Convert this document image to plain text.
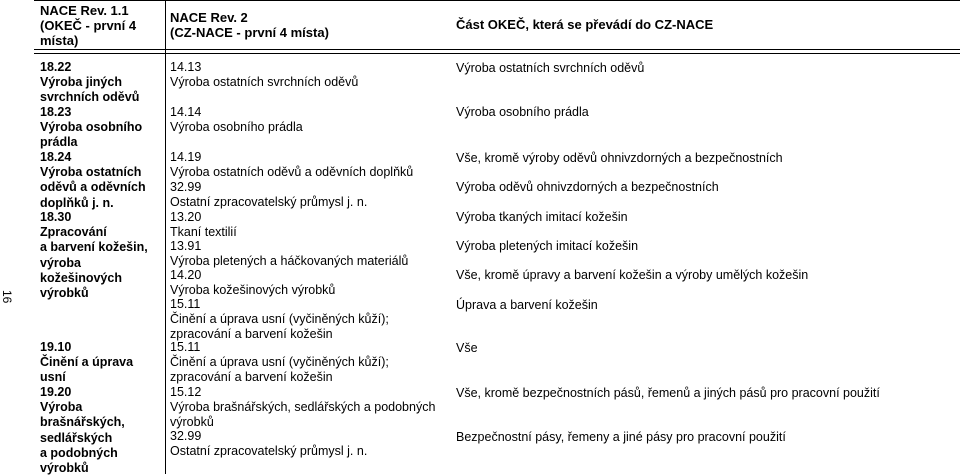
16
NACE Rev. 1.1
(OKEČ - první 4
místa)
NACE Rev. 2
(CZ-NACE - první 4 místa)
Část OKEČ, která se převádí do CZ-NACE
18.22
Výroba jiných
svrchních oděvů
18.23
Výroba osobního
prádla
18.24
Výroba ostatních
oděvů a oděvních
doplňků j. n.
18.30
Zpracování
a barvení kožešin,
výroba
kožešinových
výrobků
19.10
Činění a úprava
usní
19.20
Výroba
brašnářských,
sedlářských
a podobných
výrobků
14.13
Výroba ostatních svrchních oděvů
14.14
Výroba osobního prádla
14.19
Výroba ostatních oděvů a oděvních doplňků
32.99
Ostatní zpracovatelský průmysl j. n.
13.20
Tkaní textilií
13.91
Výroba pletených a háčkovaných materiálů
14.20
Výroba kožešinových výrobků
15.11
Činění a úprava usní (vyčiněných kůží);
zpracování a barvení kožešin
15.11
Činění a úprava usní (vyčiněných kůží);
zpracování a barvení kožešin
15.12
Výroba brašnářských, sedlářských a podobných
výrobků
32.99
Ostatní zpracovatelský průmysl j. n.
Výroba ostatních svrchních oděvů
Výroba osobního prádla
Vše, kromě výroby oděvů ohnivzdorných a bezpečnostních
Výroba oděvů ohnivzdorných a bezpečnostních
Výroba tkaných imitací kožešin
Výroba pletených imitací kožešin
Vše, kromě úpravy a barvení kožešin a výroby umělých kožešin
Úprava a barvení kožešin
Vše
Vše, kromě bezpečnostních pásů, řemenů a jiných pásů pro pracovní použití
Bezpečnostní pásy, řemeny a jiné pásy pro pracovní použití
